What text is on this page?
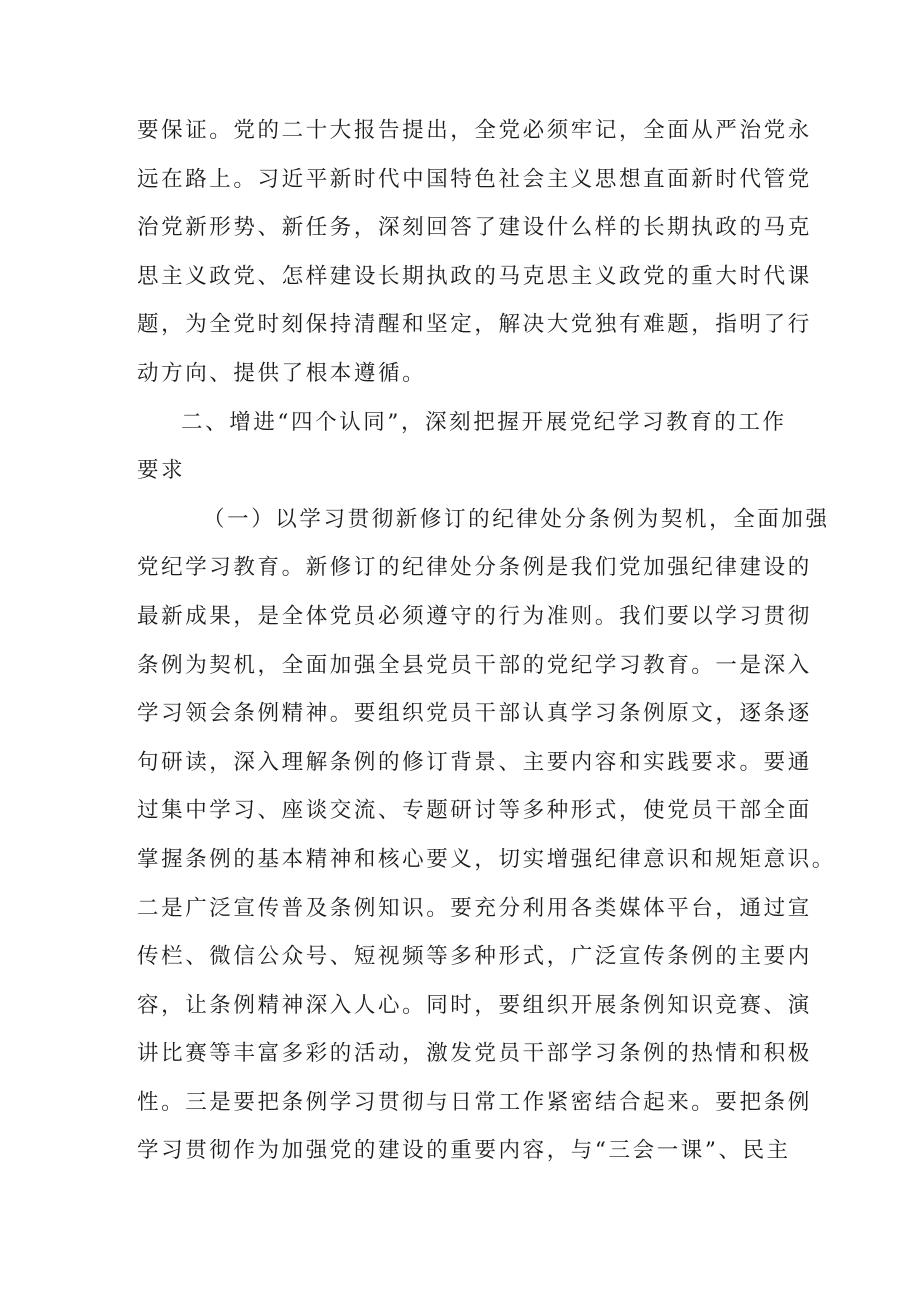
要保证。党的二十大报告提出，全党必须牢记，全面从严治党永
远在路上。习近平新时代中国特色社会主义思想直面新时代管党
治党新形势、新任务，深刻回答了建设什么样的长期执政的马克
思主义政党、怎样建设长期执政的马克思主义政党的重大时代课
题，为全党时刻保持清醒和坚定，解决大党独有难题，指明了行
动方向、提供了根本遵循。
二、增进“四个认同”，深刻把握开展党纪学习教育的工作
要求
（一）以学习贯彻新修订的纪律处分条例为契机，全面加强
党纪学习教育。新修订的纪律处分条例是我们党加强纪律建设的
最新成果，是全体党员必须遵守的行为准则。我们要以学习贯彻
条例为契机，全面加强全县党员干部的党纪学习教育。一是深入
学习领会条例精神。要组织党员干部认真学习条例原文，逐条逐
句研读，深入理解条例的修订背景、主要内容和实践要求。要通
过集中学习、座谈交流、专题研讨等多种形式，使党员干部全面
掌握条例的基本精神和核心要义，切实增强纪律意识和规矩意识。
二是广泛宣传普及条例知识。要充分利用各类媒体平台，通过宣
传栏、微信公众号、短视频等多种形式，广泛宣传条例的主要内
容，让条例精神深入人心。同时，要组织开展条例知识竞赛、演
讲比赛等丰富多彩的活动，激发党员干部学习条例的热情和积极
性。三是要把条例学习贯彻与日常工作紧密结合起来。要把条例
学习贯彻作为加强党的建设的重要内容，与“三会一课”、民主
